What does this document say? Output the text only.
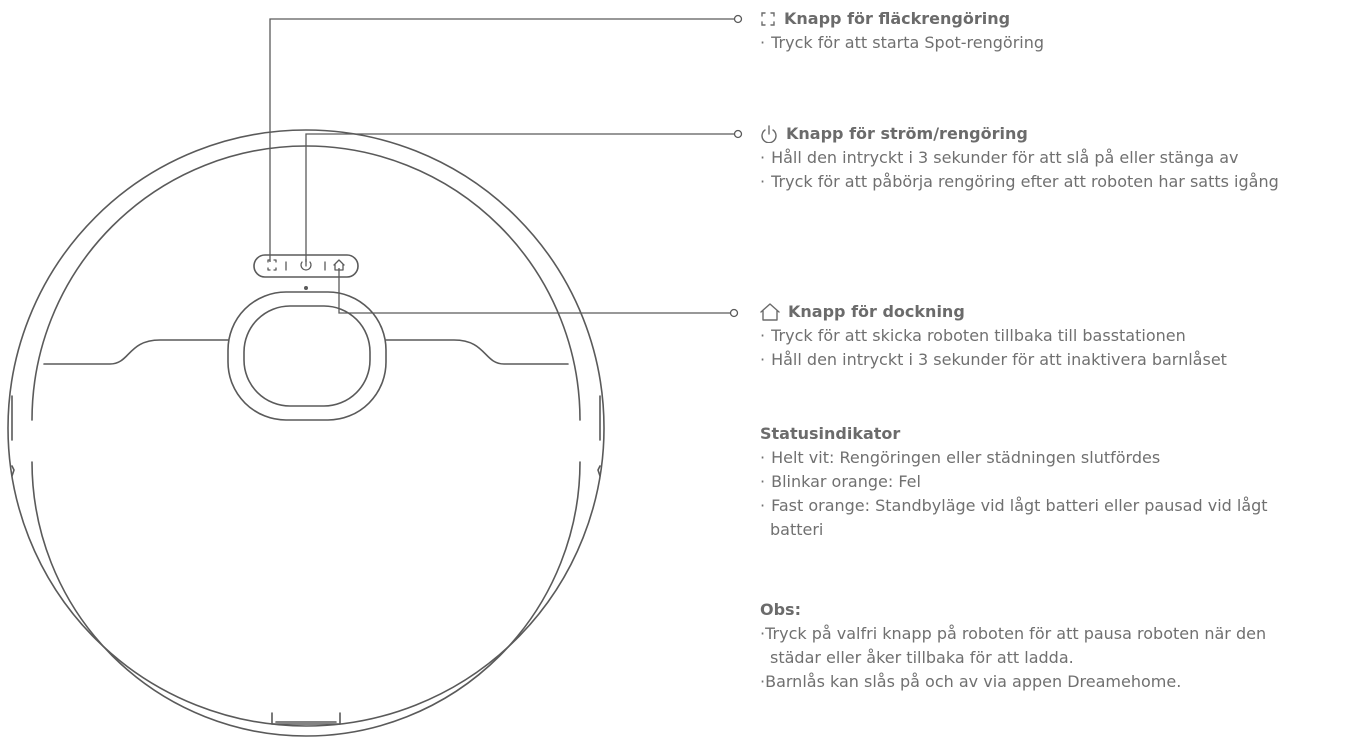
Knapp för fläckrengöring
· Tryck för att starta Spot-rengöring
Knapp för ström/rengöring
· Håll den intryckt i 3 sekunder för att slå på eller stänga av
· Tryck för att påbörja rengöring efter att roboten har satts igång
Knapp för dockning
· Tryck för att skicka roboten tillbaka till basstationen
· Håll den intryckt i 3 sekunder för att inaktivera barnlåset
Statusindikator
· Helt vit: Rengöringen eller städningen slutfördes
· Blinkar orange: Fel
· Fast orange: Standbyläge vid lågt batteri eller pausad vid lågt
batteri
Obs:
·Tryck på valfri knapp på roboten för att pausa roboten när den
städar eller åker tillbaka för att ladda.
·Barnlås kan slås på och av via appen Dreamehome.
